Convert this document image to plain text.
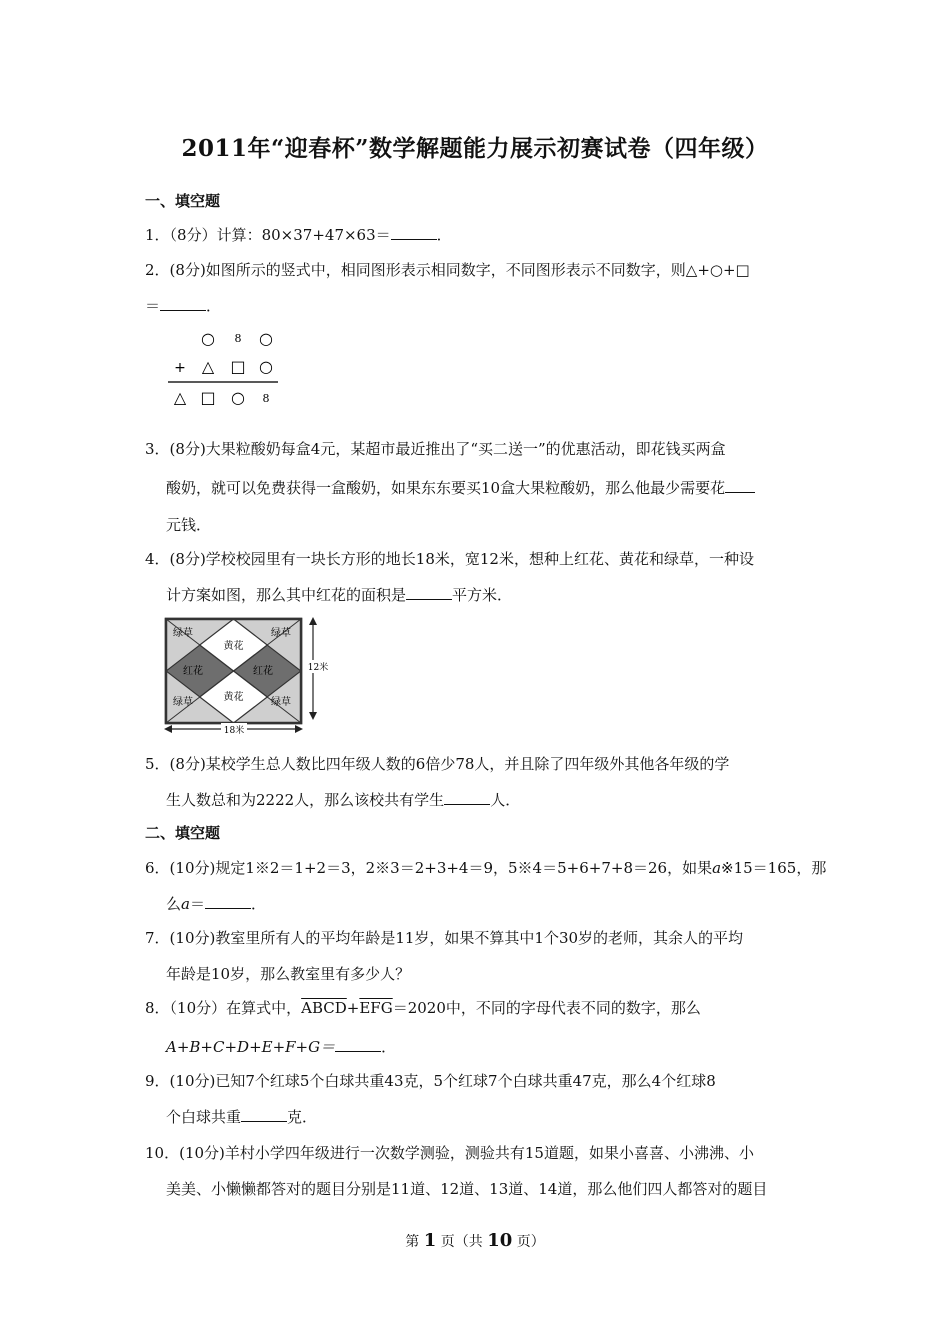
2011年“迎春杯”数学解题能力展示初赛试卷（四年级）
一、填空题
1．（8分）计算：80×37+47×63＝	．
2．(8分)如图所示的竖式中，相同图形表示相同数字，不同图形表示不同数字，则△+○+□
＝	．
○ 8 ○
+ △ □ ○
△ □ ○ 8
3．(8分)大果粒酸奶每盒4元，某超市最近推出了“买二送一”的优惠活动，即花钱买两盒
酸奶，就可以免费获得一盒酸奶，如果东东要买10盒大果粒酸奶，那么他最少需要花
元钱．
4．(8分)学校校园里有一块长方形的地长18米，宽12米，想种上红花、黄花和绿草，一种设
计方案如图，那么其中红花的面积是	平方米．
绿草	绿草
绿草	绿草
黄花
黄花
红花	红花	12米
18米
5．(8分)某校学生总人数比四年级人数的6倍少78人，并且除了四年级外其他各年级的学
生人数总和为2222人，那么该校共有学生	人．
二、填空题
6．(10分)规定1※2＝1+2＝3，2※3＝2+3+4＝9，5※4＝5+6+7+8＝26，如果a※15＝165，那
么a＝	．
7．(10分)教室里所有人的平均年龄是11岁，如果不算其中1个30岁的老师，其余人的平均
年龄是10岁，那么教室里有多少人？
8．（10分）在算式中，$ABCD+\overline{EFG}=2020$中，不同的字母代表不同的数字，那么
A+B+C+D+E+F+G＝	．
9．(10分)已知7个红球5个白球共重43克，5个红球7个白球共重47克，那么4个红球8
个白球共重	克．
10．(10分)羊村小学四年级进行一次数学测验，测验共有15道题，如果小喜喜、小沸沸、小
美美、小懒懒都答对的题目分别是11道、12道、13道、14道，那么他们四人都答对的题目
第 1 页（共 10 页）
